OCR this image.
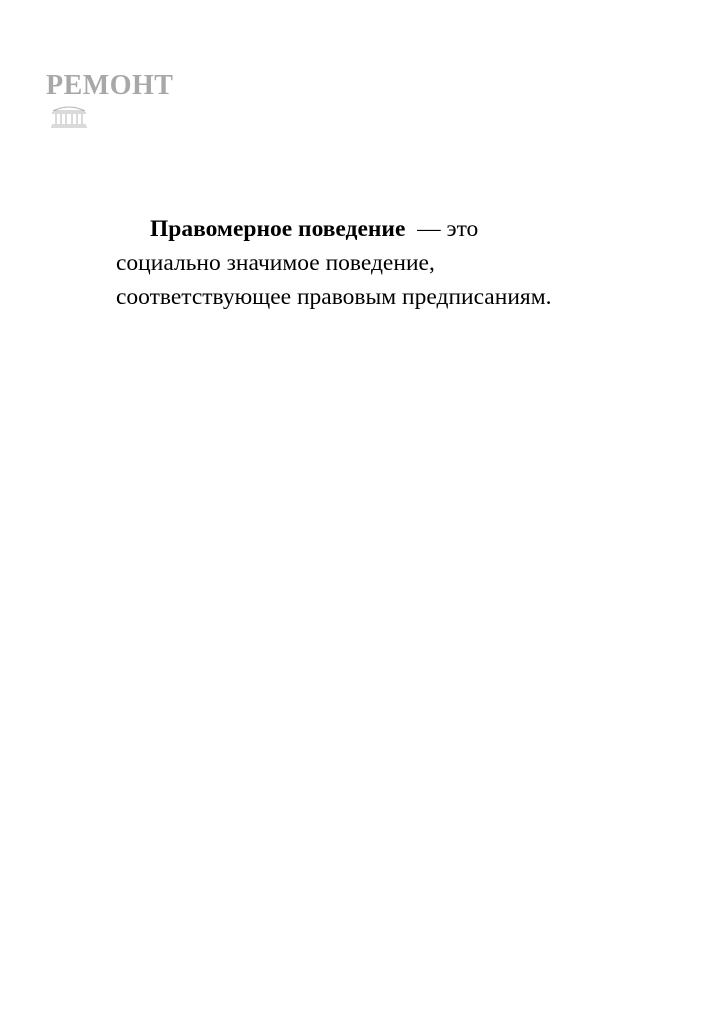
РЕМОНТ

Правомерное поведение — это
социально значимое поведение,
соответствующее правовым предписаниям.
